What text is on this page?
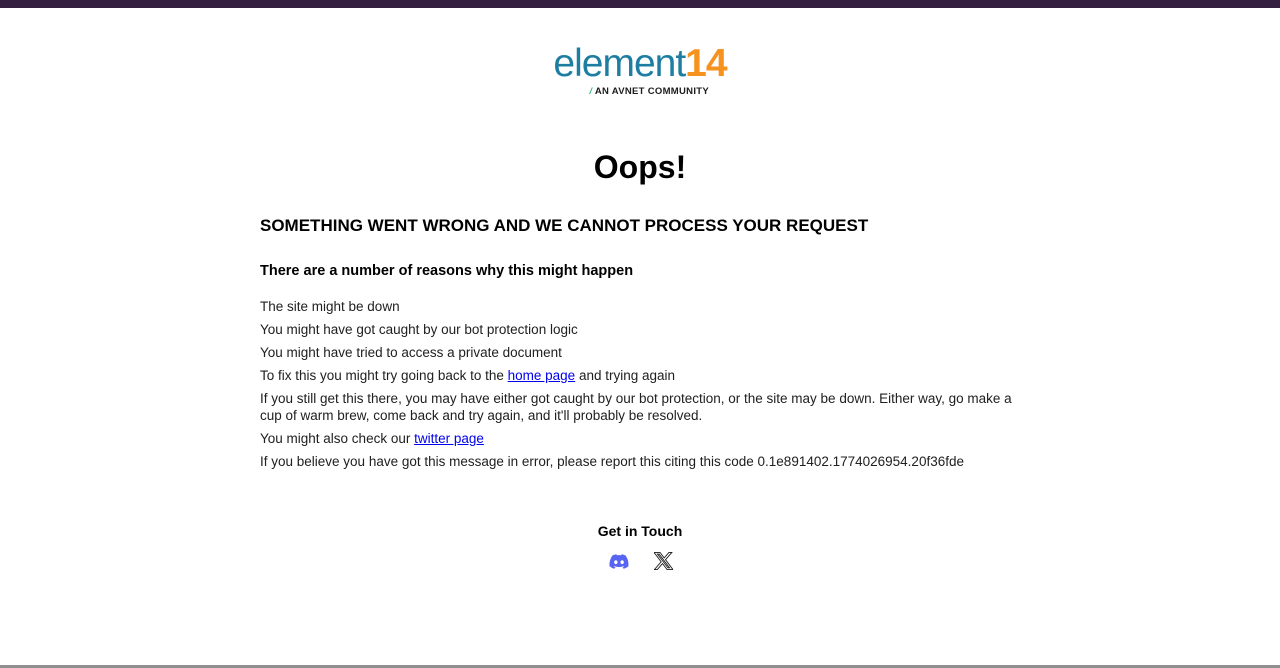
element14
/ AN AVNET COMMUNITY
Oops!
SOMETHING WENT WRONG AND WE CANNOT PROCESS YOUR REQUEST
There are a number of reasons why this might happen

The site might be down

You might have got caught by our bot protection logic

You might have tried to access a private document

To fix this you might try going back to the home page and trying again

If you still get this there, you may have either got caught by our bot protection, or the site may be down. Either way, go make a cup of warm brew, come back and try again, and it'll probably be resolved.

You might also check our twitter page

If you believe you have got this message in error, please report this citing this code 0.1e891402.1774026954.20f36fde

Get in Touch
